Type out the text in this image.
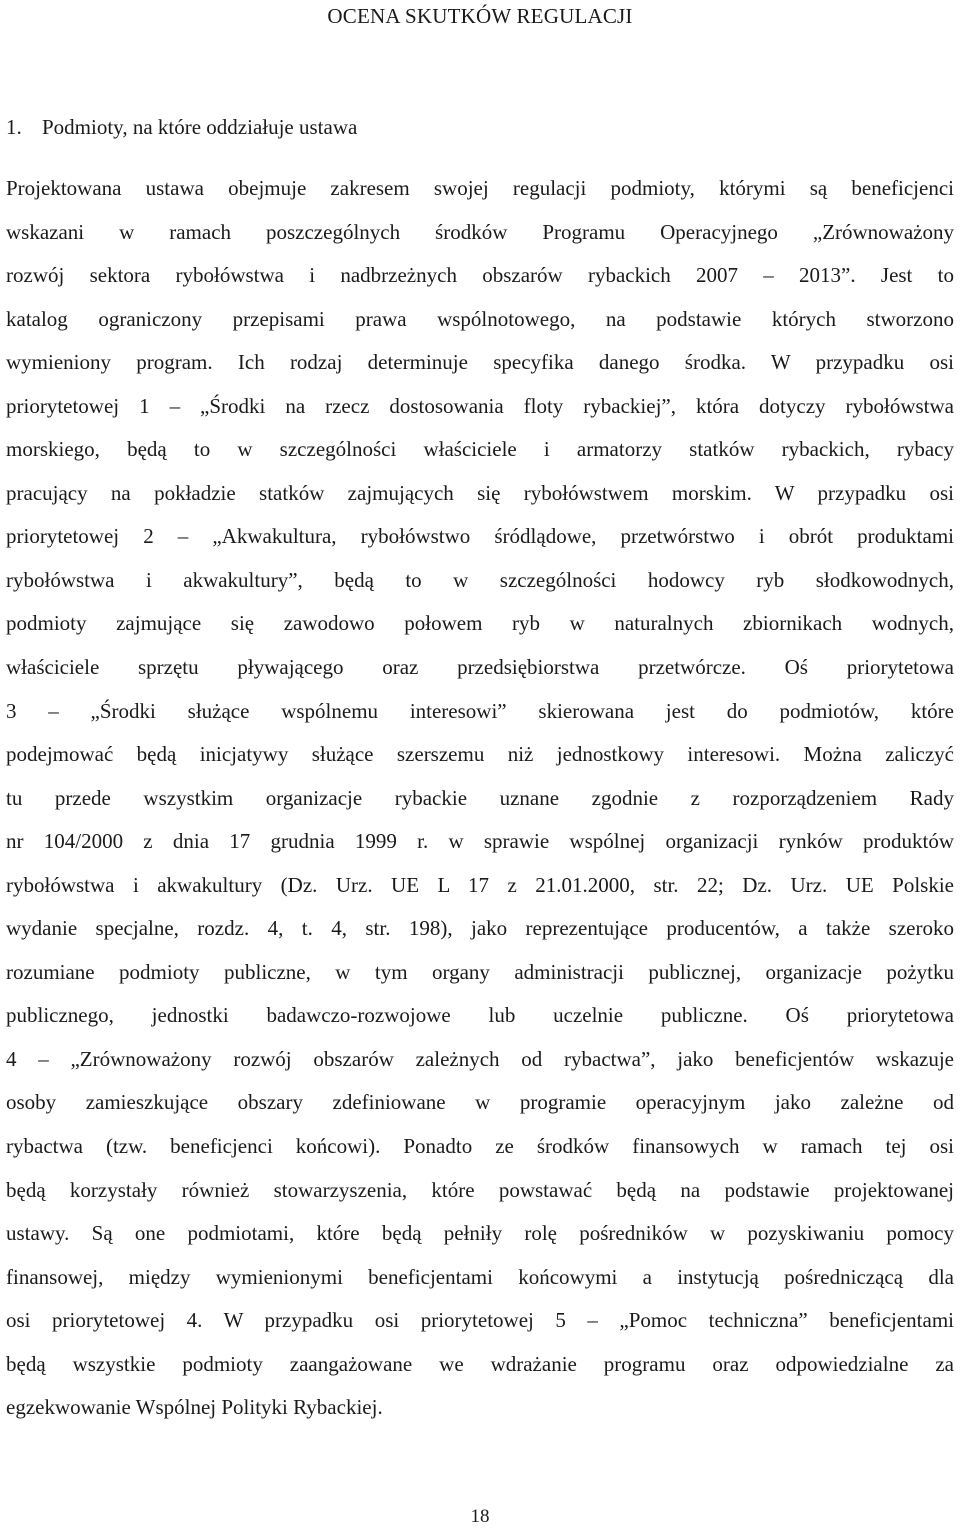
OCENA SKUTKÓW REGULACJI
1. Podmioty, na które oddziałuje ustawa
Projektowana ustawa obejmuje zakresem swojej regulacji podmioty, którymi są beneficjenci
wskazani w ramach poszczególnych środków Programu Operacyjnego „Zrównoważony
rozwój sektora rybołówstwa i nadbrzeżnych obszarów rybackich 2007 – 2013”. Jest to
katalog ograniczony przepisami prawa wspólnotowego, na podstawie których stworzono
wymieniony program. Ich rodzaj determinuje specyfika danego środka. W przypadku osi
priorytetowej 1 – „Środki na rzecz dostosowania floty rybackiej”, która dotyczy rybołówstwa
morskiego, będą to w szczególności właściciele i armatorzy statków rybackich, rybacy
pracujący na pokładzie statków zajmujących się rybołówstwem morskim. W przypadku osi
priorytetowej 2 – „Akwakultura, rybołówstwo śródlądowe, przetwórstwo i obrót produktami
rybołówstwa i akwakultury”, będą to w szczególności hodowcy ryb słodkowodnych,
podmioty zajmujące się zawodowo połowem ryb w naturalnych zbiornikach wodnych,
właściciele sprzętu pływającego oraz przedsiębiorstwa przetwórcze. Oś priorytetowa
3 – „Środki służące wspólnemu interesowi” skierowana jest do podmiotów, które
podejmować będą inicjatywy służące szerszemu niż jednostkowy interesowi. Można zaliczyć
tu przede wszystkim organizacje rybackie uznane zgodnie z rozporządzeniem Rady
nr 104/2000 z dnia 17 grudnia 1999 r. w sprawie wspólnej organizacji rynków produktów
rybołówstwa i akwakultury (Dz. Urz. UE L 17 z 21.01.2000, str. 22; Dz. Urz. UE Polskie
wydanie specjalne, rozdz. 4, t. 4, str. 198), jako reprezentujące producentów, a także szeroko
rozumiane podmioty publiczne, w tym organy administracji publicznej, organizacje pożytku
publicznego, jednostki badawczo-rozwojowe lub uczelnie publiczne. Oś priorytetowa
4 – „Zrównoważony rozwój obszarów zależnych od rybactwa”, jako beneficjentów wskazuje
osoby zamieszkujące obszary zdefiniowane w programie operacyjnym jako zależne od
rybactwa (tzw. beneficjenci końcowi). Ponadto ze środków finansowych w ramach tej osi
będą korzystały również stowarzyszenia, które powstawać będą na podstawie projektowanej
ustawy. Są one podmiotami, które będą pełniły rolę pośredników w pozyskiwaniu pomocy
finansowej, między wymienionymi beneficjentami końcowymi a instytucją pośredniczącą dla
osi priorytetowej 4. W przypadku osi priorytetowej 5 – „Pomoc techniczna” beneficjentami
będą wszystkie podmioty zaangażowane we wdrażanie programu oraz odpowiedzialne za
egzekwowanie Wspólnej Polityki Rybackiej.
18
